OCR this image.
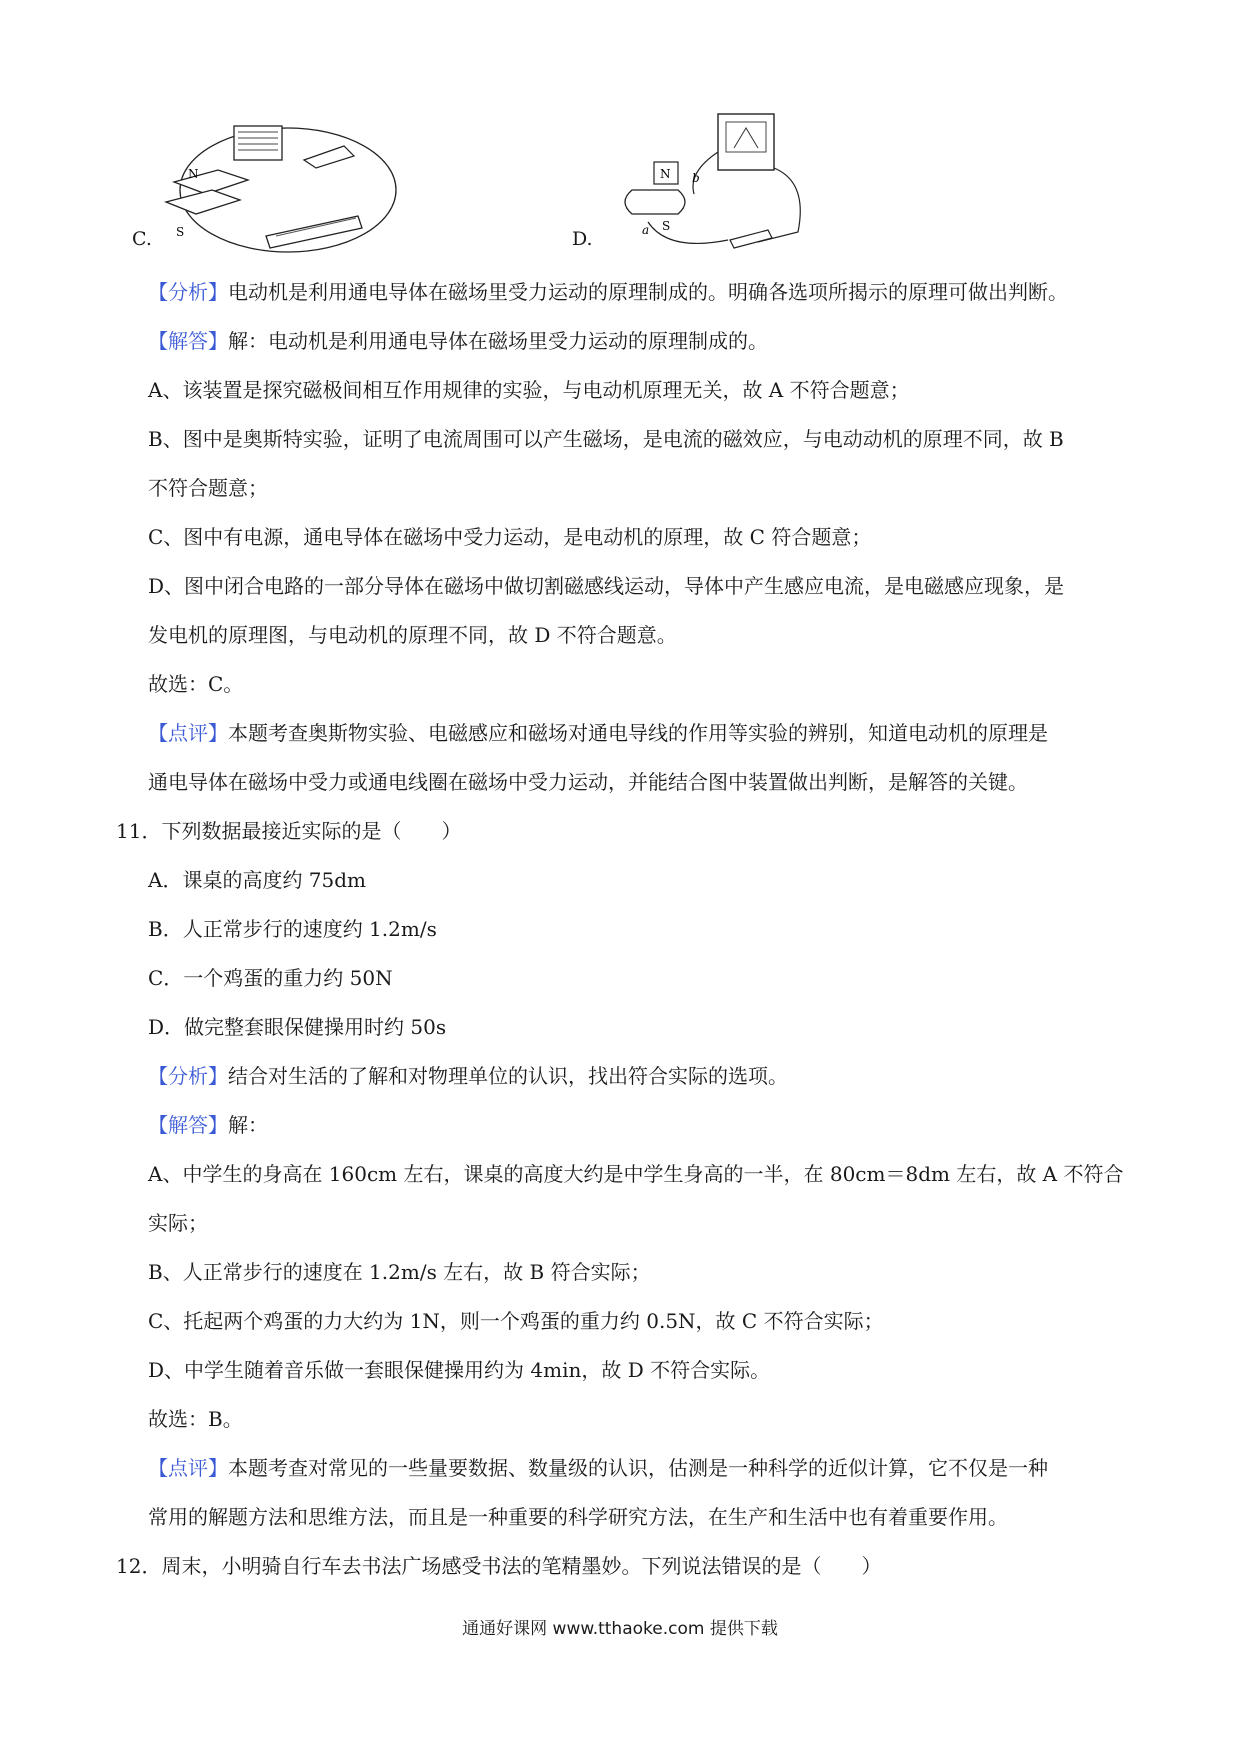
N
S
C.
N
S
b
a
D.
【分析】电动机是利用通电导体在磁场里受力运动的原理制成的。明确各选项所揭示的原理可做出判断。
【解答】解：电动机是利用通电导体在磁场里受力运动的原理制成的。
A、该装置是探究磁极间相互作用规律的实验，与电动机原理无关，故 A 不符合题意；
B、图中是奥斯特实验，证明了电流周围可以产生磁场，是电流的磁效应，与电动动机的原理不同，故 B
不符合题意；
C、图中有电源，通电导体在磁场中受力运动，是电动机的原理，故 C 符合题意；
D、图中闭合电路的一部分导体在磁场中做切割磁感线运动，导体中产生感应电流，是电磁感应现象，是
发电机的原理图，与电动机的原理不同，故 D 不符合题意。
故选：C。
【点评】本题考查奥斯物实验、电磁感应和磁场对通电导线的作用等实验的辨别，知道电动机的原理是
通电导体在磁场中受力或通电线圈在磁场中受力运动，并能结合图中装置做出判断，是解答的关键。
11．下列数据最接近实际的是（　　）
A．课桌的高度约 75dm
B．人正常步行的速度约 1.2m/s
C．一个鸡蛋的重力约 50N
D．做完整套眼保健操用时约 50s
【分析】结合对生活的了解和对物理单位的认识，找出符合实际的选项。
【解答】解：
A、中学生的身高在 160cm 左右，课桌的高度大约是中学生身高的一半，在 80cm＝8dm 左右，故 A 不符合
实际；
B、人正常步行的速度在 1.2m/s 左右，故 B 符合实际；
C、托起两个鸡蛋的力大约为 1N，则一个鸡蛋的重力约 0.5N，故 C 不符合实际；
D、中学生随着音乐做一套眼保健操用约为 4min，故 D 不符合实际。
故选：B。
【点评】本题考查对常见的一些量要数据、数量级的认识，估测是一种科学的近似计算，它不仅是一种
常用的解题方法和思维方法，而且是一种重要的科学研究方法，在生产和生活中也有着重要作用。
12．周末，小明骑自行车去书法广场感受书法的笔精墨妙。下列说法错误的是（　　）
通通好课网 www.tthaoke.com 提供下载
